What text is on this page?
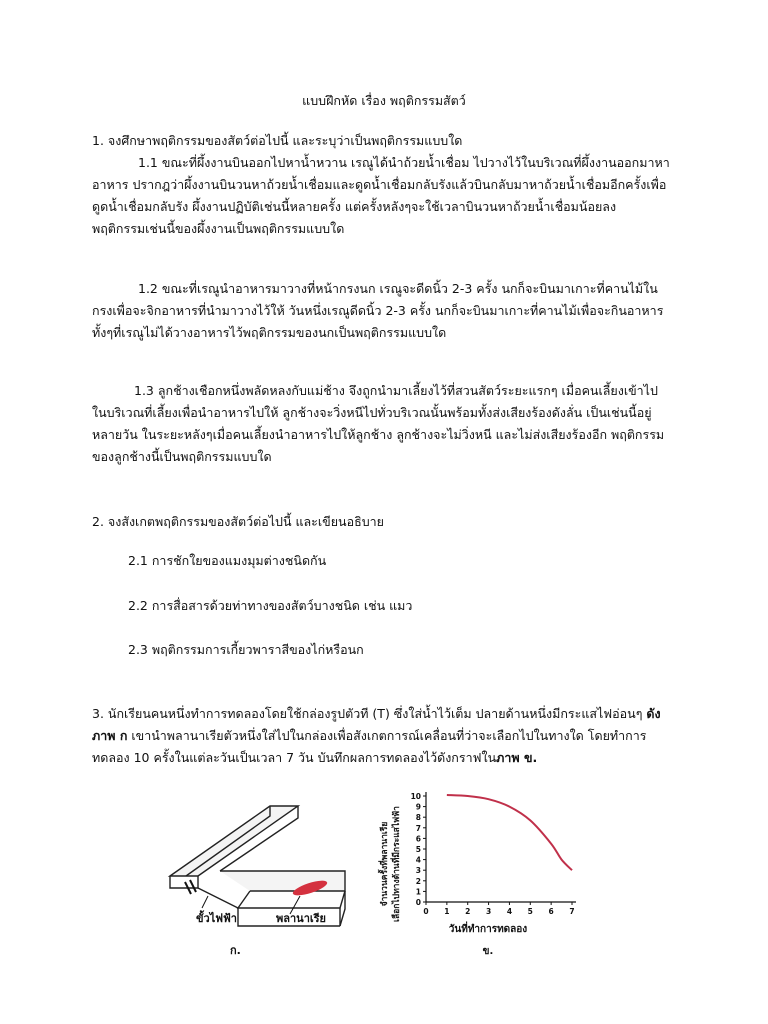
แบบฝึกหัด เรื่อง พฤติกรรมสัตว์
1. จงศึกษาพฤติกรรมของสัตว์ต่อไปนี้ และระบุว่าเป็นพฤติกรรมแบบใด
1.1 ขณะที่ผึ้งงานบินออกไปหาน้ำหวาน เรณูได้นำถ้วยน้ำเชื่อม ไปวางไว้ในบริเวณที่ผึ้งงานออกมาหา
อาหาร ปรากฎว่าผึ้งงานบินวนหาถ้วยน้ำเชื่อมและดูดน้ำเชื่อมกลับรังแล้วบินกลับมาหาถ้วยน้ำเชื่อมอีกครั้งเพื่อ
ดูดน้ำเชื่อมกลับรัง ผึ้งงานปฏิบัติเช่นนี้หลายครั้ง แต่ครั้งหลังๆจะใช้เวลาบินวนหาถ้วยน้ำเชื่อมน้อยลง
พฤติกรรมเช่นนี้ของผึ้งงานเป็นพฤติกรรมแบบใด
1.2 ขณะที่เรณูนำอาหารมาวางที่หน้ากรงนก เรณูจะดีดนิ้ว 2-3 ครั้ง นกก็จะบินมาเกาะที่คานไม้ใน
กรงเพื่อจะจิกอาหารที่นำมาวางไว้ให้ วันหนึ่งเรณูดีดนิ้ว 2-3 ครั้ง นกก็จะบินมาเกาะที่คานไม้เพื่อจะกินอาหาร
ทั้งๆที่เรณูไม่ได้วางอาหารไว้พฤติกรรมของนกเป็นพฤติกรรมแบบใด
1.3 ลูกช้างเชือกหนึ่งพลัดหลงกับแม่ช้าง จึงถูกนำมาเลี้ยงไว้ที่สวนสัตว์ระยะแรกๆ เมื่อคนเลี้ยงเข้าไป
ในบริเวณที่เลี้ยงเพื่อนำอาหารไปให้ ลูกช้างจะวิ่งหนีไปทั่วบริเวณนั้นพร้อมทั้งส่งเสียงร้องดังลั่น เป็นเช่นนี้อยู่
หลายวัน ในระยะหลังๆเมื่อคนเลี้ยงนำอาหารไปให้ลูกช้าง ลูกช้างจะไม่วิ่งหนี และไม่ส่งเสียงร้องอีก พฤติกรรม
ของลูกช้างนี้เป็นพฤติกรรมแบบใด
2. จงสังเกตพฤติกรรมของสัตว์ต่อไปนี้ และเขียนอธิบาย
2.1 การชักใยของแมงมุมต่างชนิดกัน
2.2 การสื่อสารด้วยท่าทางของสัตว์บางชนิด เช่น แมว
2.3 พฤติกรรมการเกี้ยวพาราสีของไก่หรือนก
3. นักเรียนคนหนึ่งทำการทดลองโดยใช้กล่องรูปตัวที (T) ซึ่งใส่น้ำไว้เต็ม ปลายด้านหนึ่งมีกระแสไฟอ่อนๆ ดัง
ภาพ ก เขานำพลานาเรียตัวหนึ่งใส่ไปในกล่องเพื่อสังเกตการณ์เคลื่อนที่ว่าจะเลือกไปในทางใด โดยทำการ
ทดลอง 10 ครั้งในแต่ละวันเป็นเวลา 7 วัน บันทึกผลการทดลองไว้ดังกราฟในภาพ ข.
ขั้วไฟฟ้า	พลานาเรีย
ก.
จำนวนครั้งที่พลานาเรีย เลือกไปทางด้านที่มีกระแสไฟฟ้า
วันที่ทำการทดลอง
ข.
0
1
2
3
4
5
6
7
8
9
10
0 1 2 3 4 5 6 7
